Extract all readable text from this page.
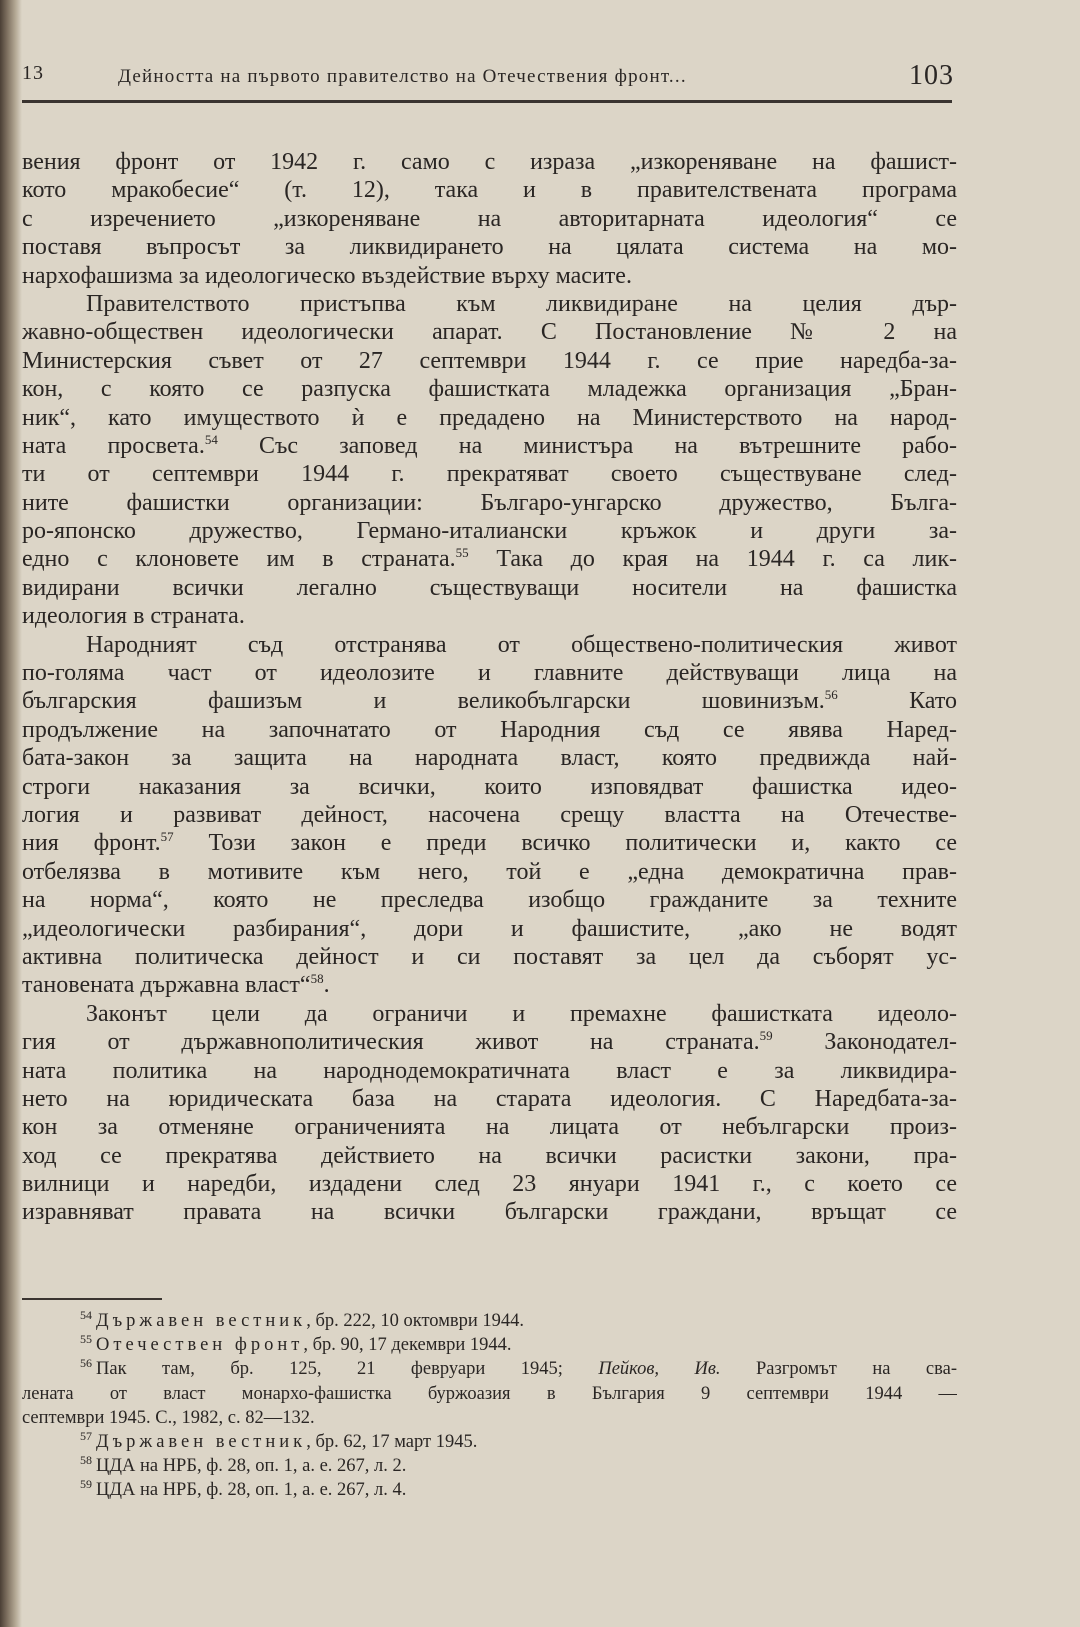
13	Дейността на първото правителство на Отечествения фронт...	103
вения фронт от 1942 г. само с израза „изкореняване на фашист-
кото мракобесие“ (т. 12), така и в правителствената програма
с изречението „изкореняване на авторитарната идеология“ се
поставя въпросът за ликвидирането на цялата система на мо-
нархофашизма за идеологическо въздействие върху масите.
Правителството пристъпва към ликвидиране на целия дър-
жавно-обществен идеологически апарат. С Постановление № 2 на
Министерския съвет от 27 септември 1944 г. се прие наредба-за-
кон, с която се разпуска фашистката младежка организация „Бран-
ник“, като имуществото ѝ е предадено на Министерството на народ-
ната просвета.$^{54}$ Със заповед на министъра на вътрешните рабо-
ти от септември 1944 г. прекратяват своето съществуване след-
ните фашистки организации: Българо-унгарско дружество, Бълга-
ро-японско дружество, Германо-италиански кръжок и други за-
едно с клоновете им в страната.$^{55}$ Така до края на 1944 г. са лик-
видирани всички легално съществуващи носители на фашистка
идеология в страната.
Народният съд отстранява от обществено-политическия живот
по-голяма част от идеолозите и главните действуващи лица на
българския фашизъм и великобългарски шовинизъм.$^{56}$ Като
продължение на започнатато от Народния съд се явява Наред-
бата-закон за защита на народната власт, която предвижда най-
строги наказания за всички, които изповядват фашистка идео-
логия и развиват дейност, насочена срещу властта на Отечестве-
ния фронт.$^{57}$ Този закон е преди всичко политически и, както се
отбелязва в мотивите към него, той е „една демократична прав-
на норма“, която не преследва изобщо гражданите за техните
„идеологически разбирания“, дори и фашистите, „ако не водят
активна политическа дейност и си поставят за цел да съборят ус-
тановената държавна власт“$^{58}$.
Законът цели да ограничи и премахне фашистката идеоло-
гия от държавнополитическия живот на страната.$^{59}$ Законодател-
ната политика на народнодемократичната власт е за ликвидира-
нето на юридическата база на старата идеология. С Наредбата-за-
кон за отменяне ограниченията на лицата от небългарски произ-
ход се прекратява действието на всички расистки закони, пра-
вилници и наредби, издадени след 23 януари 1941 г., с което се
изравняват правата на всички български граждани, връщат се
$^{54}$ Държавен вестник, бр. 222, 10 октомври 1944.
$^{55}$ Отечествен фронт, бр. 90, 17 декември 1944.
$^{56}$ Пак там, бр. 125, 21 февруари 1945; Пейков, Ив. Разгромът на сва-
лената от власт монархо-фашистка буржоазия в България 9 септември 1944 —
септември 1945. С., 1982, с. 82—132.
$^{57}$ Държавен вестник, бр. 62, 17 март 1945.
$^{58}$ ЦДА на НРБ, ф. 28, оп. 1, а. е. 267, л. 2.
$^{59}$ ЦДА на НРБ, ф. 28, оп. 1, а. е. 267, л. 4.
